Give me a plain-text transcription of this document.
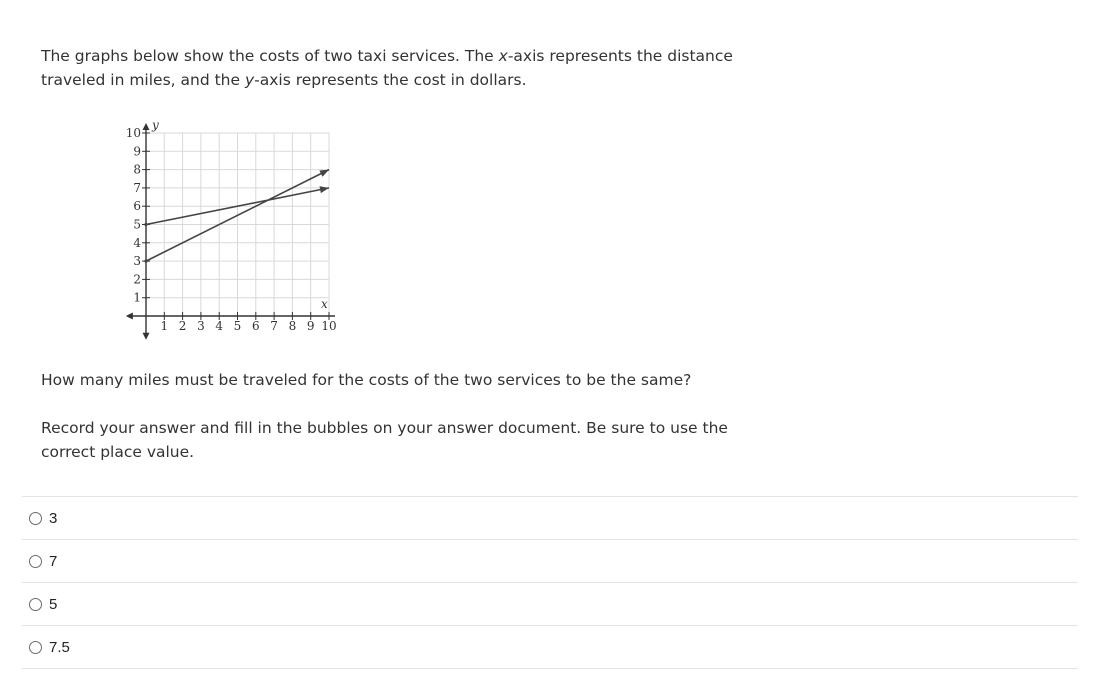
The graphs below show the costs of two taxi services. The x-axis represents the distance traveled in miles, and the y-axis represents the cost in dollars.
x
y
1 2 3 4 5 6 7 8 9 10
1
2
3
4
5
6
7
8
9
10
How many miles must be traveled for the costs of the two services to be the same?
Record your answer and fill in the bubbles on your answer document. Be sure to use the correct place value.
3
7
5
7.5
